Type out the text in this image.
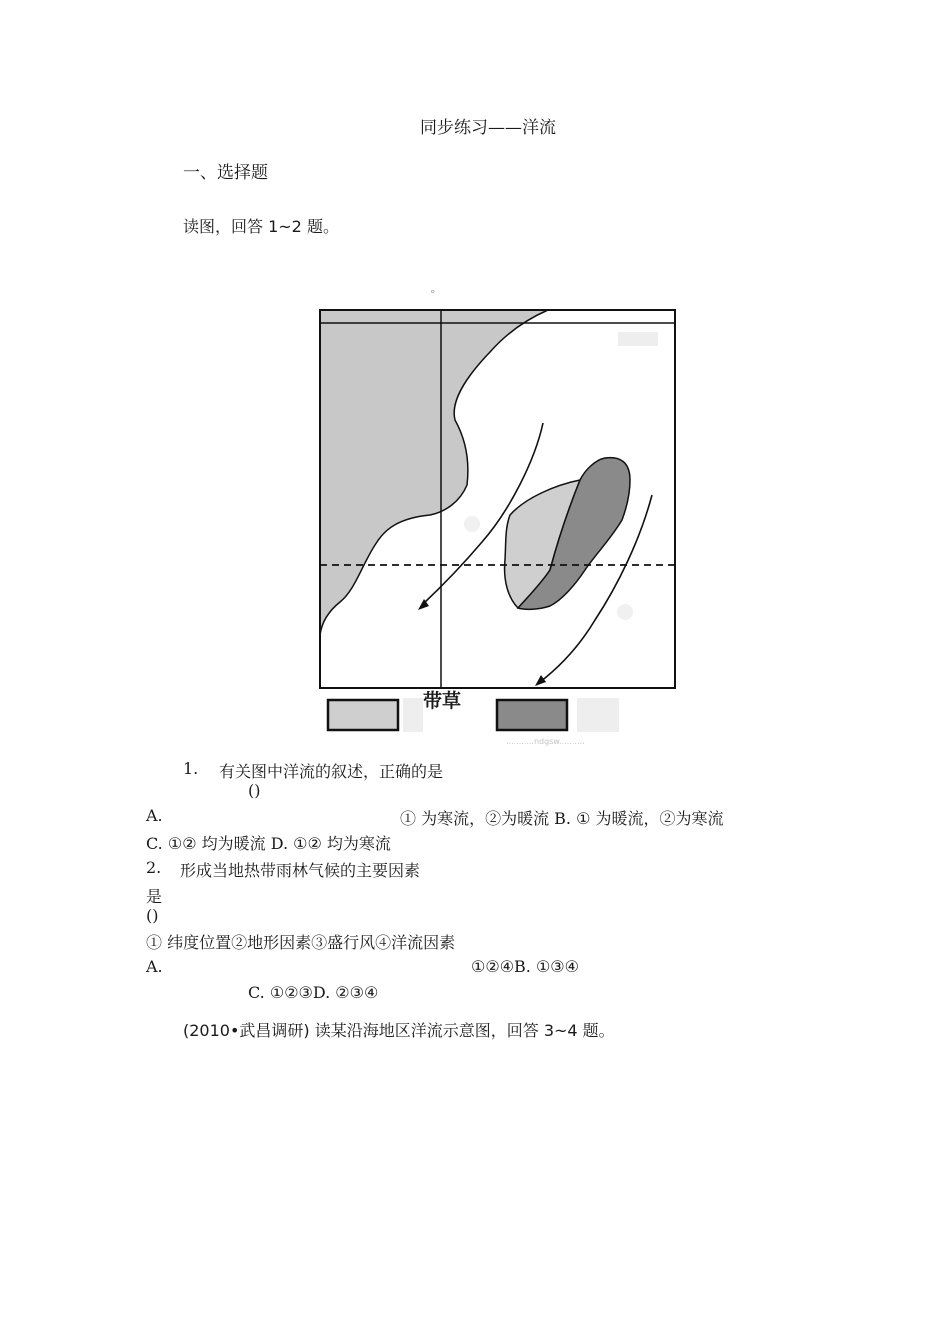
同步练习——洋流
一、选择题
读图，回答 1~2 题。
°
带草
...........ndgsw..........
1. 有关图中洋流的叙述，正确的是
()
A.	① 为寒流，②为暖流 B. ① 为暖流，②为寒流
C. ①② 均为暖流 D. ①② 均为寒流
2. 形成当地热带雨林气候的主要因素
是
()
① 纬度位置②地形因素③盛行风④洋流因素
A.	①②④B. ①③④
C. ①②③D. ②③④
(2010•武昌调研) 读某沿海地区洋流示意图，回答 3~4 题。
